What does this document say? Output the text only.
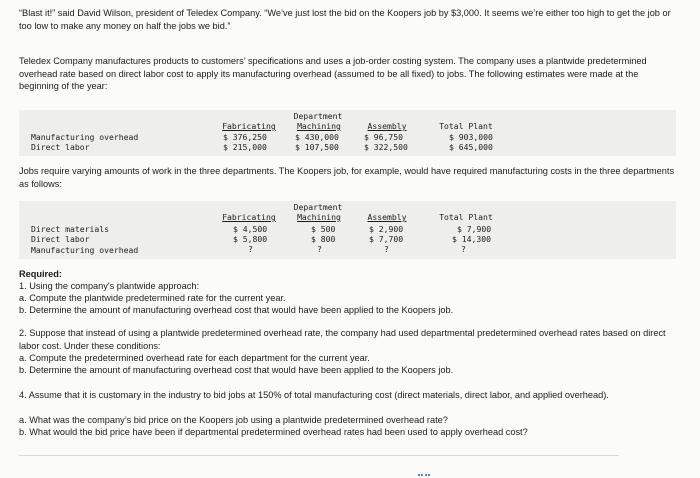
“Blast it!” said David Wilson, president of Teledex Company. “We’ve just lost the bid on the Koopers job by $3,000. It seems we’re either too high to get the job or too low to make any money on half the jobs we bid.”

Teledex Company manufactures products to customers’ specifications and uses a job-order costing system. The company uses a plantwide predetermined overhead rate based on direct labor cost to apply its manufacturing overhead (assumed to be all fixed) to jobs. The following estimates were made at the beginning of the year:

Department
Fabricating	Machining	Assembly	Total Plant
Manufacturing overhead	$ 376,250	$ 430,000	$ 96,750	$ 903,000
Direct labor	$ 215,000	$ 107,500	$ 322,500	$ 645,000

Jobs require varying amounts of work in the three departments. The Koopers job, for example, would have required manufacturing costs in the three departments as follows:

Department
Fabricating	Machining	Assembly	Total Plant
Direct materials	$ 4,500	$ 500	$ 2,900	$ 7,900
Direct labor	$ 5,800	$ 800	$ 7,700	$ 14,300
Manufacturing overhead	?	?	?	?

Required:

1. Using the company's plantwide approach:

a. Compute the plantwide predetermined rate for the current year.

b. Determine the amount of manufacturing overhead cost that would have been applied to the Koopers job.

2. Suppose that instead of using a plantwide predetermined overhead rate, the company had used departmental predetermined overhead rates based on direct labor cost. Under these conditions:

a. Compute the predetermined overhead rate for each department for the current year.

b. Determine the amount of manufacturing overhead cost that would have been applied to the Koopers job.

4. Assume that it is customary in the industry to bid jobs at 150% of total manufacturing cost (direct materials, direct labor, and applied overhead).

a. What was the company’s bid price on the Koopers job using a plantwide predetermined overhead rate?

b. What would the bid price have been if departmental predetermined overhead rates had been used to apply overhead cost?
